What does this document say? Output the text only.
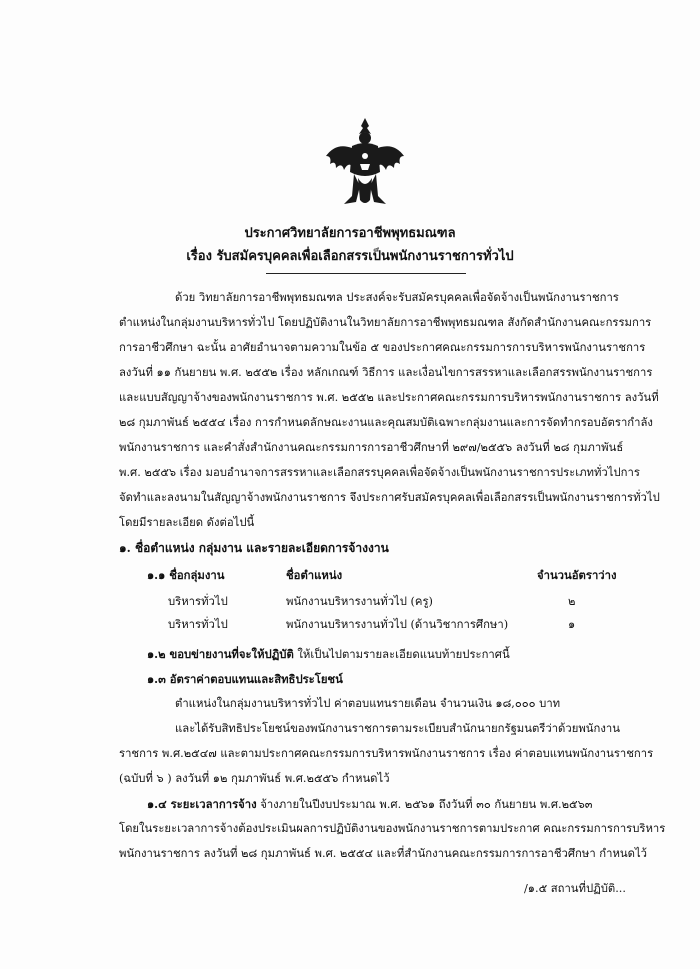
ประกาศวิทยาลัยการอาชีพพุทธมณฑล
เรื่อง รับสมัครบุคคลเพื่อเลือกสรรเป็นพนักงานราชการทั่วไป
ด้วย วิทยาลัยการอาชีพพุทธมณฑล ประสงค์จะรับสมัครบุคคลเพื่อจัดจ้างเป็นพนักงานราชการ
ตำแหน่งในกลุ่มงานบริหารทั่วไป โดยปฏิบัติงานในวิทยาลัยการอาชีพพุทธมณฑล สังกัดสำนักงานคณะกรรมการ
การอาชีวศึกษา ฉะนั้น อาศัยอำนาจตามความในข้อ ๕ ของประกาศคณะกรรมการการบริหารพนักงานราชการ
ลงวันที่ ๑๑ กันยายน พ.ศ. ๒๕๕๒ เรื่อง หลักเกณฑ์ วิธีการ และเงื่อนไขการสรรหาและเลือกสรรพนักงานราชการ
และแบบสัญญาจ้างของพนักงานราชการ พ.ศ. ๒๕๕๒ และประกาศคณะกรรมการบริหารพนักงานราชการ ลงวันที่
๒๘ กุมภาพันธ์ ๒๕๕๔ เรื่อง การกำหนดลักษณะงานและคุณสมบัติเฉพาะกลุ่มงานและการจัดทำกรอบอัตรากำลัง
พนักงานราชการ และคำสั่งสำนักงานคณะกรรมการการอาชีวศึกษาที่ ๒๙๗/๒๕๕๖ ลงวันที่ ๒๘ กุมภาพันธ์
พ.ศ. ๒๕๕๖ เรื่อง มอบอำนาจการสรรหาและเลือกสรรบุคคลเพื่อจัดจ้างเป็นพนักงานราชการประเภททั่วไปการ
จัดทำและลงนามในสัญญาจ้างพนักงานราชการ จึงประกาศรับสมัครบุคคลเพื่อเลือกสรรเป็นพนักงานราชการทั่วไป
โดยมีรายละเอียด ดังต่อไปนี้
๑. ชื่อตำแหน่ง กลุ่มงาน และรายละเอียดการจ้างงาน
๑.๑ ชื่อกลุ่มงาน	ชื่อตำแหน่ง	จำนวนอัตราว่าง
บริหารทั่วไป	พนักงานบริหารงานทั่วไป (ครู)	๒
บริหารทั่วไป	พนักงานบริหารงานทั่วไป (ด้านวิชาการศึกษา)	๑
๑.๒ ขอบข่ายงานที่จะให้ปฏิบัติ ให้เป็นไปตามรายละเอียดแนบท้ายประกาศนี้
๑.๓ อัตราค่าตอบแทนและสิทธิประโยชน์
ตำแหน่งในกลุ่มงานบริหารทั่วไป ค่าตอบแทนรายเดือน จำนวนเงิน ๑๘,๐๐๐ บาท
และได้รับสิทธิประโยชน์ของพนักงานราชการตามระเบียบสำนักนายกรัฐมนตรีว่าด้วยพนักงาน
ราชการ พ.ศ.๒๕๔๗ และตามประกาศคณะกรรมการบริหารพนักงานราชการ เรื่อง ค่าตอบแทนพนักงานราชการ
(ฉบับที่ ๖ ) ลงวันที่ ๑๒ กุมภาพันธ์ พ.ศ.๒๕๕๖ กำหนดไว้
๑.๔ ระยะเวลาการจ้าง จ้างภายในปีงบประมาณ พ.ศ. ๒๕๖๑ ถึงวันที่ ๓๐ กันยายน พ.ศ.๒๕๖๓
โดยในระยะเวลาการจ้างต้องประเมินผลการปฏิบัติงานของพนักงานราชการตามประกาศ คณะกรรมการการบริหาร
พนักงานราชการ ลงวันที่ ๒๘ กุมภาพันธ์ พ.ศ. ๒๕๕๔ และที่สำนักงานคณะกรรมการการอาชีวศึกษา กำหนดไว้
/๑.๕ สถานที่ปฏิบัติ...
